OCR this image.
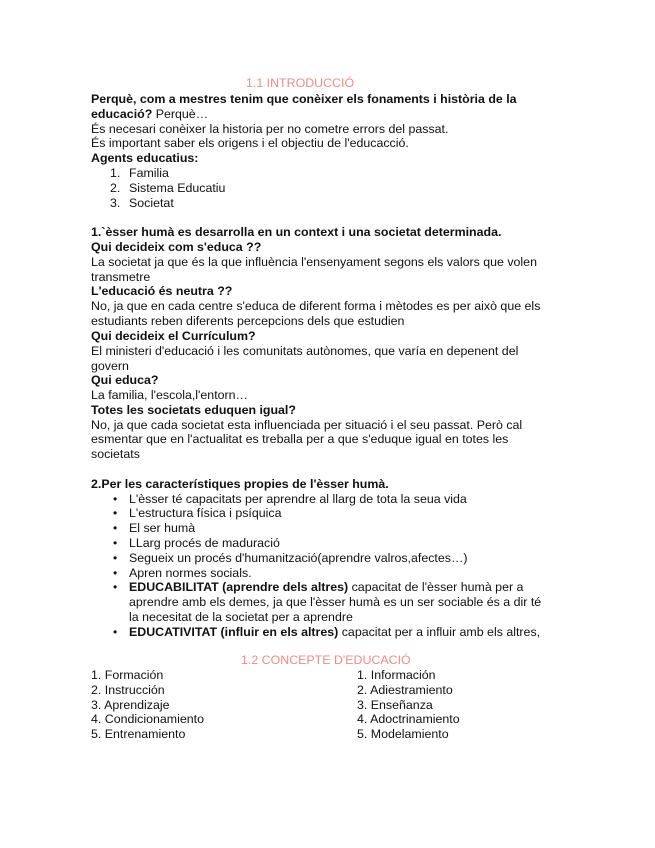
1.1 INTRODUCCIÓ
Perquè, com a mestres tenim que conèixer els fonaments i història de la
educació? Perquè…
És necesari conèixer la historia per no cometre errors del passat.
És important saber els origens i el objectiu de l'educacció.
Agents educatius:
1. Familia
2. Sistema Educatiu
3. Societat
1.`èsser humà es desarrolla en un context i una societat determinada.
Qui decideix com s'educa ??
La societat ja que és la que influència l'ensenyament segons els valors que volen
transmetre
L'educació és neutra ??
No, ja que en cada centre s'educa de diferent forma i mètodes es per això que els
estudiants reben diferents percepcions dels que estudien
Qui decideix el Currículum?
El ministeri d'educació i les comunitats autònomes, que varía en depenent del
govern
Qui educa?
La familia, l'escola,l'entorn…
Totes les societats eduquen igual?
No, ja que cada societat esta influenciada per situació i el seu passat. Però cal
esmentar que en l'actualitat es treballa per a que s'eduque igual en totes les
societats
2.Per les característiques propies de l'èsser humà.
• L'èsser té capacitats per aprendre al llarg de tota la seua vida
• L'estructura física i psíquica
• El ser humà
• LLarg procés de maduració
• Segueix un procés d'humanització(aprendre valros,afectes…)
• Apren normes socials.
• EDUCABILITAT (aprendre dels altres) capacitat de l'èsser humà per a
aprendre amb els demes, ja que l'èsser humà es un ser sociable és a dir té
la necesitat de la societat per a aprendre
• EDUCATIVITAT (influir en els altres) capacitat per a influir amb els altres,
1.2 CONCEPTE D'EDUCACIÓ
1. Formación	1. Información
2. Instrucción	2. Adiestramiento
3. Aprendizaje	3. Enseñanza
4. Condicionamiento	4. Adoctrinamiento
5. Entrenamiento	5. Modelamiento
